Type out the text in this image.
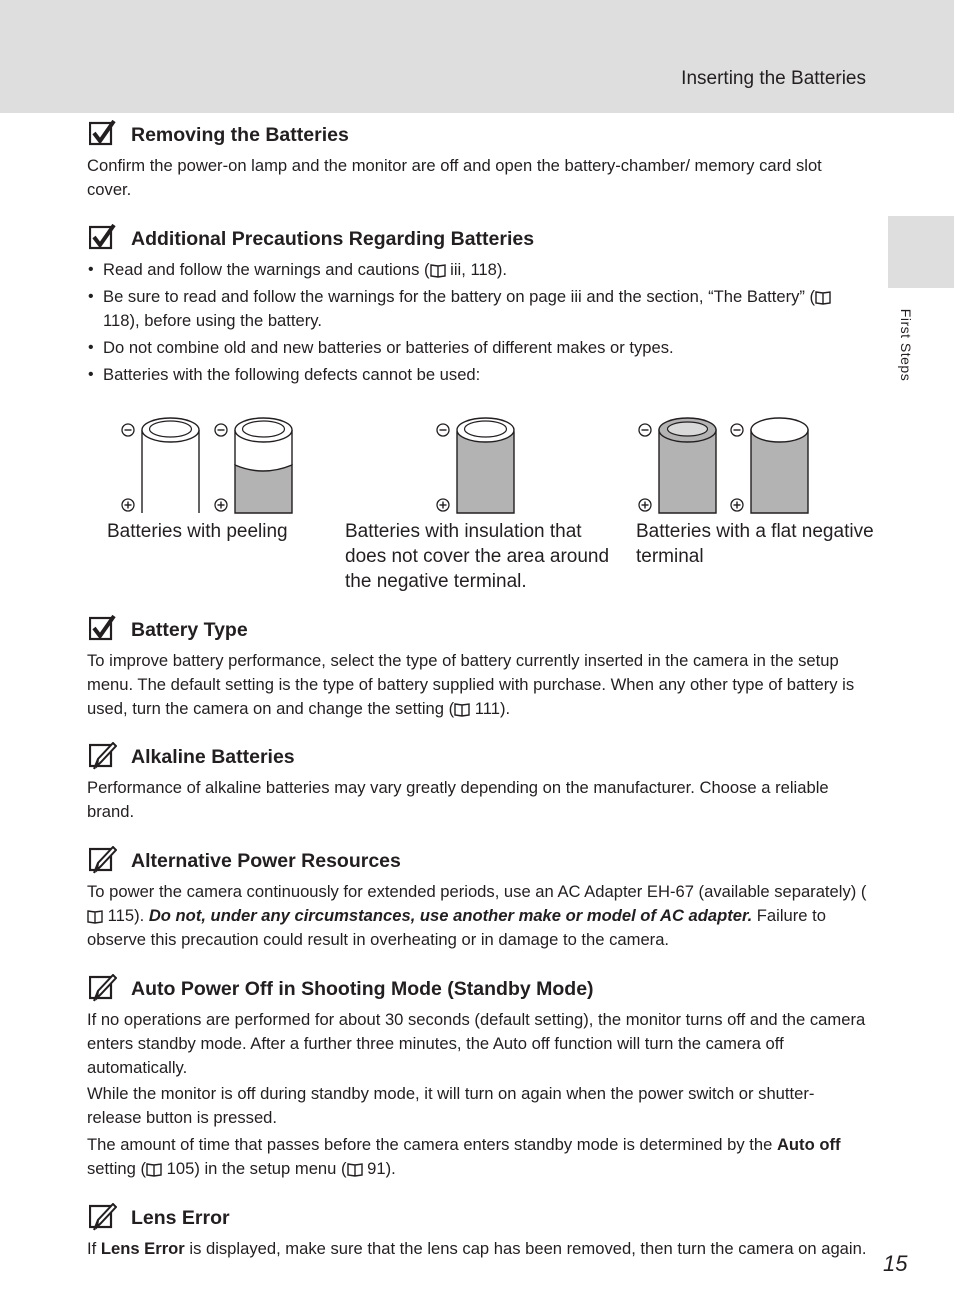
Inserting the Batteries
First Steps
Removing the Batteries

Confirm the power-on lamp and the monitor are off and open the battery-chamber/ memory card slot cover.

Additional Precautions Regarding Batteries
• Read and follow the warnings and cautions ( iii, 118).
• Be sure to read and follow the warnings for the battery on page iii and the section, “The Battery” ( 118), before using the battery.
• Do not combine old and new batteries or batteries of different makes or types.
• Batteries with the following defects cannot be used:
Batteries with peeling	Batteries with insulation that does not cover the area around the negative terminal.
Batteries with a flat negative terminal
Battery Type

To improve battery performance, select the type of battery currently inserted in the camera in the setup menu. The default setting is the type of battery supplied with purchase. When any other type of battery is used, turn the camera on and change the setting ( 111).

Alkaline Batteries

Performance of alkaline batteries may vary greatly depending on the manufacturer. Choose a reliable brand.

Alternative Power Resources

To power the camera continuously for extended periods, use an AC Adapter EH-67 (available separately) ( 115). Do not, under any circumstances, use another make or model of AC adapter. Failure to observe this precaution could result in overheating or in damage to the camera.

Auto Power Off in Shooting Mode (Standby Mode)

If no operations are performed for about 30 seconds (default setting), the monitor turns off and the camera enters standby mode. After a further three minutes, the Auto off function will turn the camera off automatically.

While the monitor is off during standby mode, it will turn on again when the power switch or shutter-release button is pressed.

The amount of time that passes before the camera enters standby mode is determined by the Auto off setting ( 105) in the setup menu ( 91).

Lens Error

If Lens Error is displayed, make sure that the lens cap has been removed, then turn the camera on again.

15
